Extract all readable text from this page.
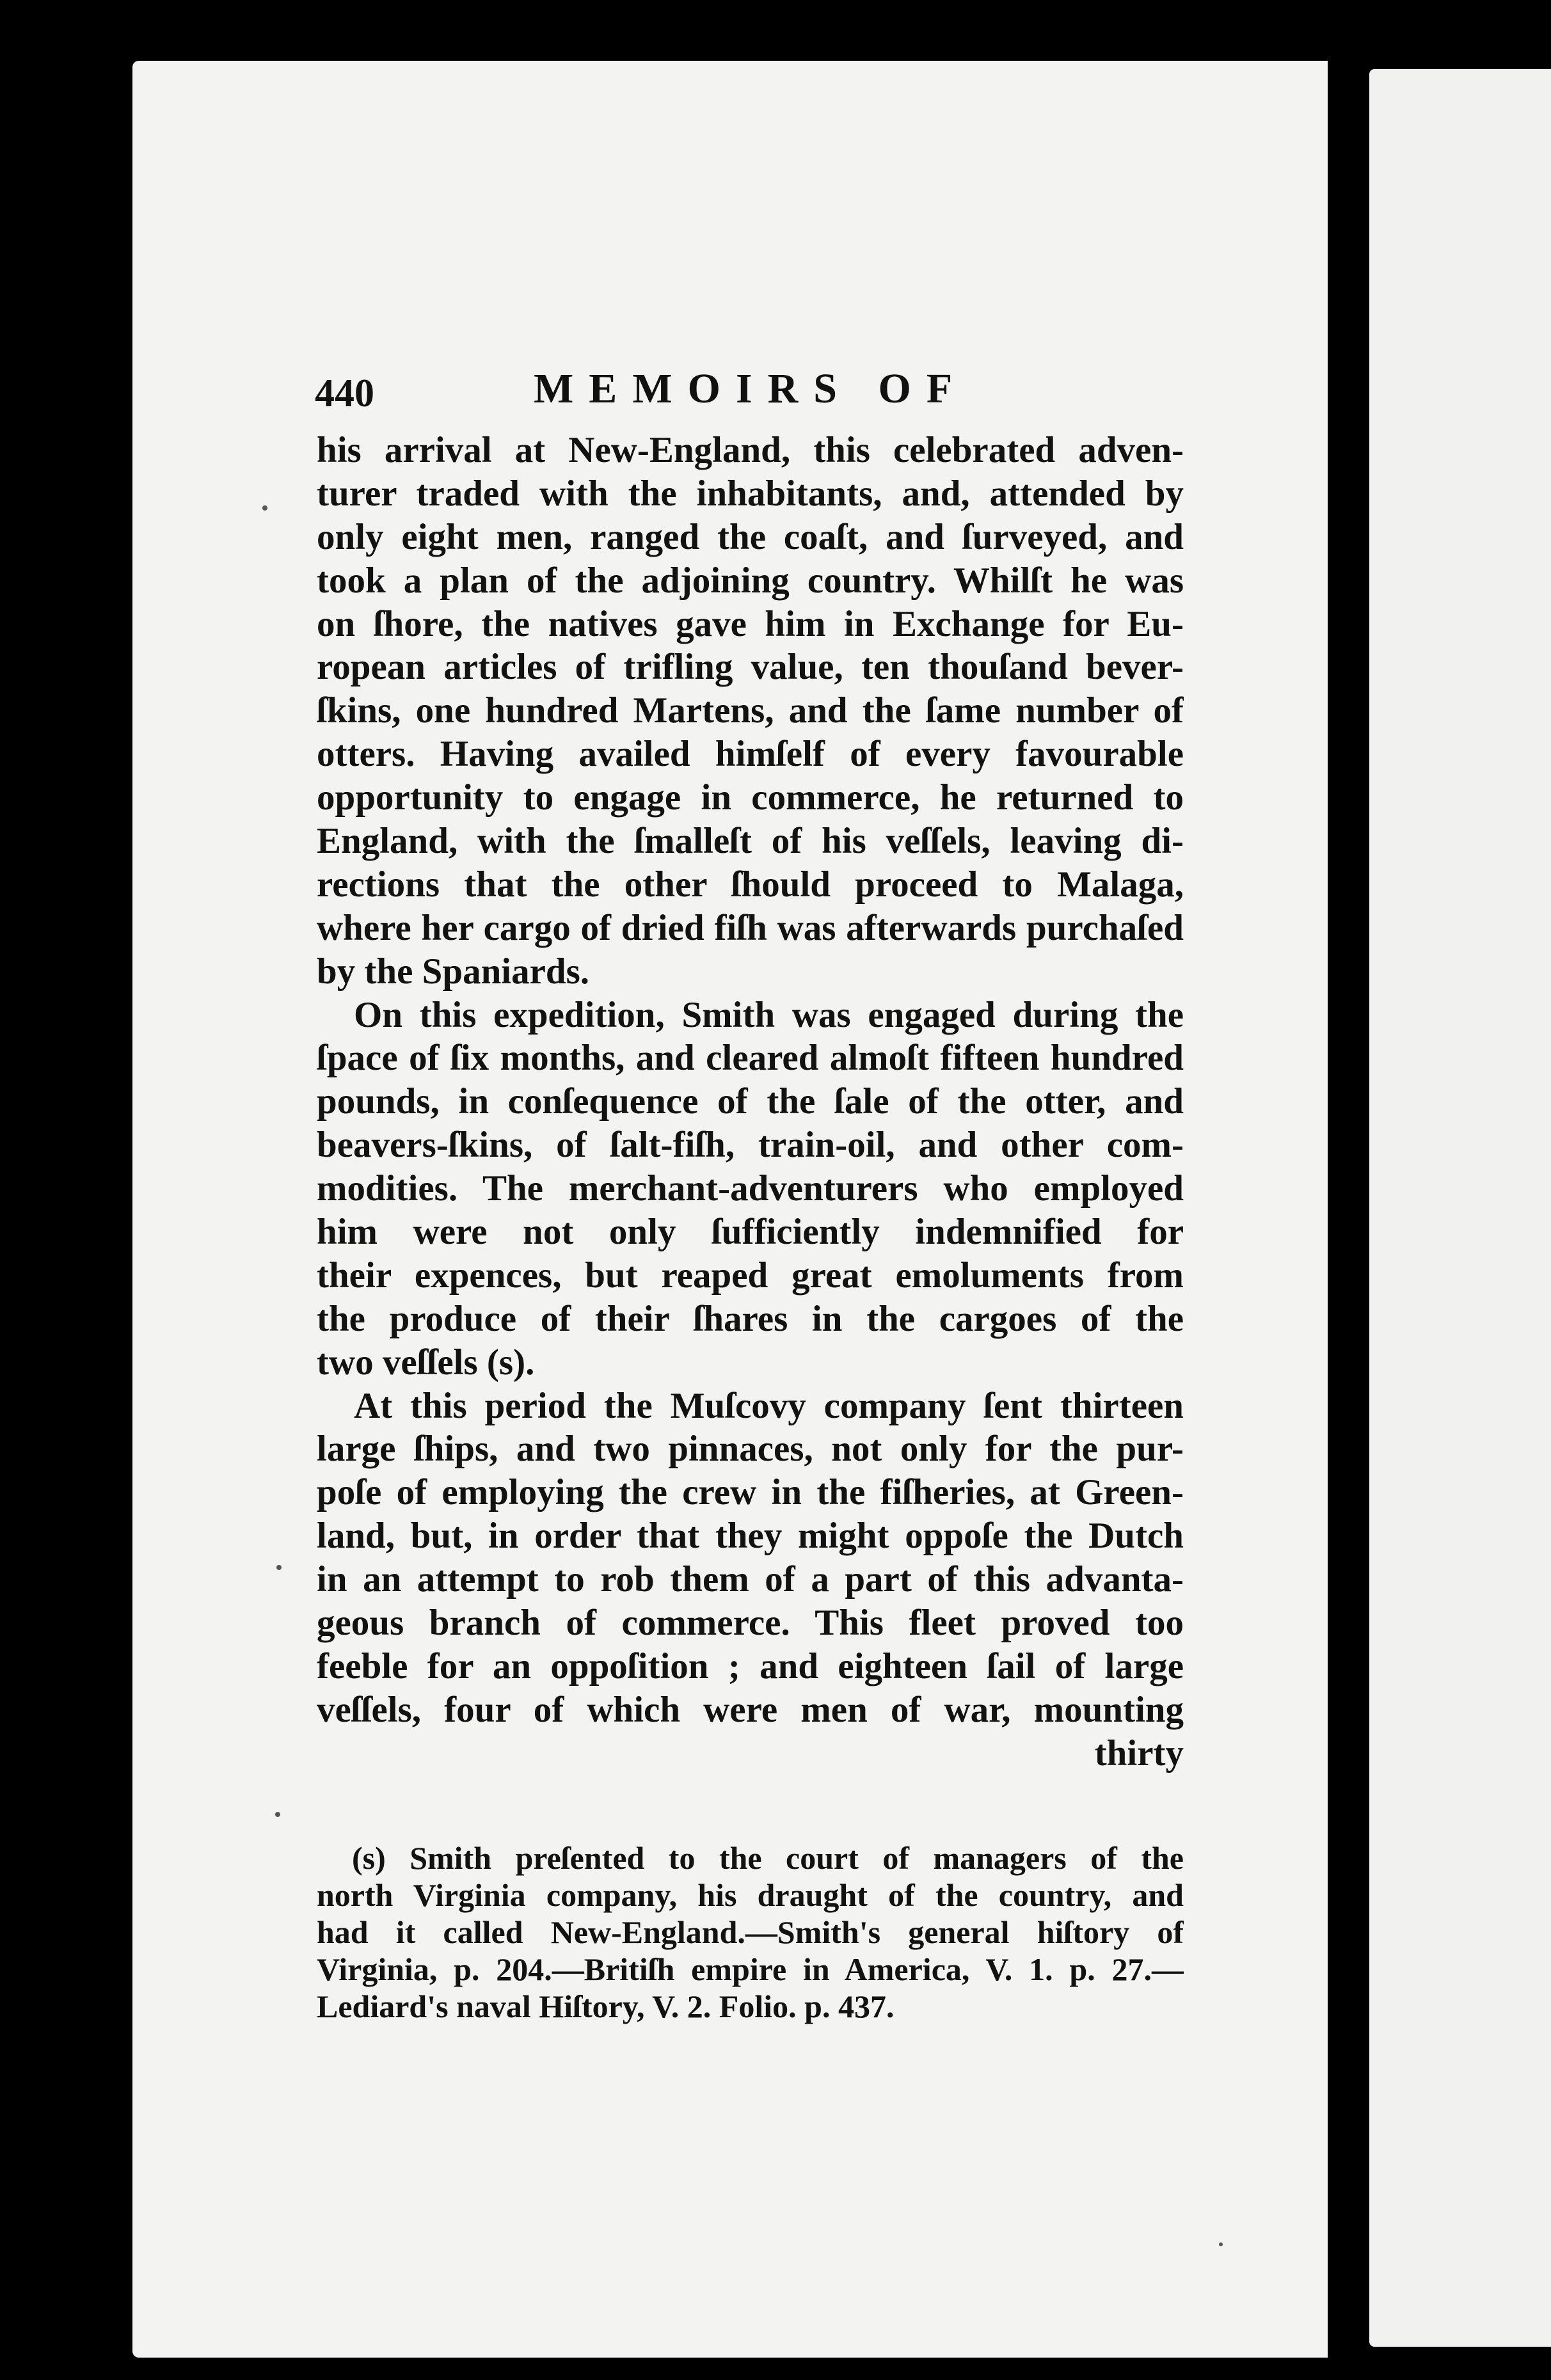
440	MEMOIRS OF
his arrival at New-England, this celebrated adven-
turer traded with the inhabitants, and, attended by
only eight men, ranged the coaſt, and ſurveyed, and
took a plan of the adjoining country. Whilſt he was
on ſhore, the natives gave him in Exchange for Eu-
ropean articles of trifling value, ten thouſand bever-
ſkins, one hundred Martens, and the ſame number of
otters. Having availed himſelf of every favourable
opportunity to engage in commerce, he returned to
England, with the ſmalleſt of his veſſels, leaving di-
rections that the other ſhould proceed to Malaga,
where her cargo of dried fiſh was afterwards purchaſed
by the Spaniards.
On this expedition, Smith was engaged during the
ſpace of ſix months, and cleared almoſt fifteen hundred
pounds, in conſequence of the ſale of the otter, and
beavers-ſkins, of ſalt-fiſh, train-oil, and other com-
modities. The merchant-adventurers who employed
him were not only ſufficiently indemnified for
their expences, but reaped great emoluments from
the produce of their ſhares in the cargoes of the
two veſſels (s).
At this period the Muſcovy company ſent thirteen
large ſhips, and two pinnaces, not only for the pur-
poſe of employing the crew in the fiſheries, at Green-
land, but, in order that they might oppoſe the Dutch
in an attempt to rob them of a part of this advanta-
geous branch of commerce. This fleet proved too
feeble for an oppoſition ; and eighteen ſail of large
veſſels, four of which were men of war, mounting
thirty
(s) Smith preſented to the court of managers of the
north Virginia company, his draught of the country, and
had it called New-England.—Smith's general hiſtory of
Virginia, p. 204.—Britiſh empire in America, V. 1. p. 27.—
Lediard's naval Hiſtory, V. 2. Folio. p. 437.
